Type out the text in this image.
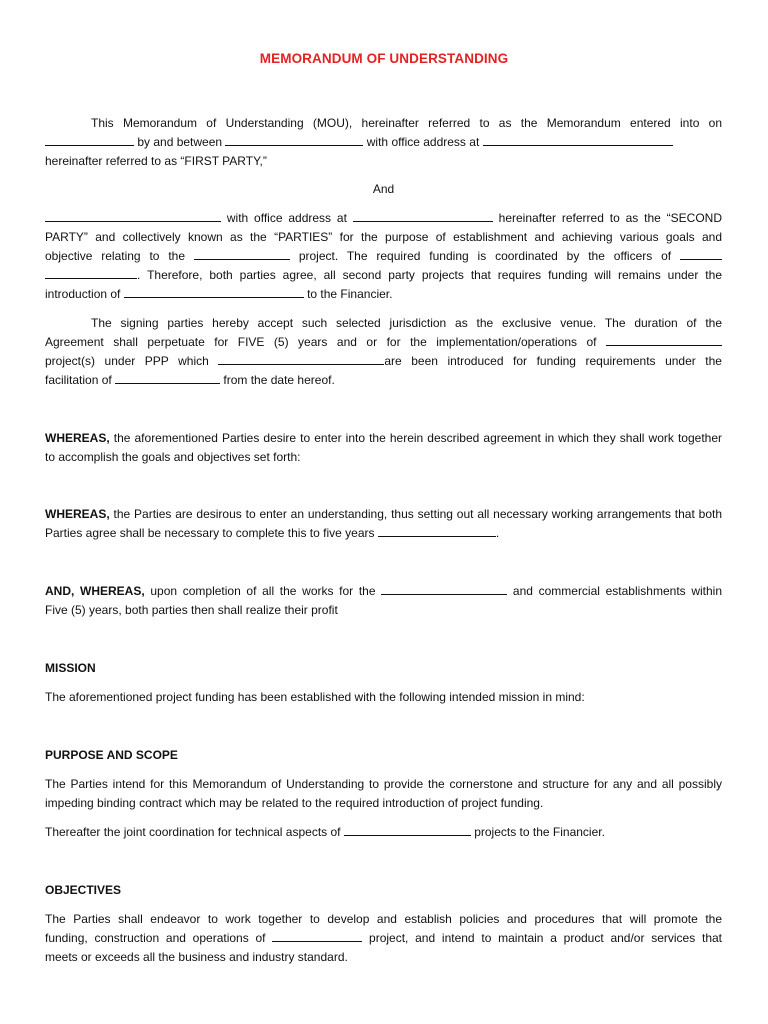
MEMORANDUM OF UNDERSTANDING
This Memorandum of Understanding (MOU), hereinafter referred to as the Memorandum entered into on
by and between	with office address at
hereinafter referred to as “FIRST PARTY,”
And
with office address at	hereinafter referred to as the “SECOND
PARTY” and collectively known as the “PARTIES” for the purpose of establishment and achieving various goals and
objective relating to the	project. The required funding is coordinated by the officers of
. Therefore, both parties agree, all second party projects that requires funding will remains under the
introduction of	to the Financier.
The signing parties hereby accept such selected jurisdiction as the exclusive venue. The duration of the
Agreement shall perpetuate for FIVE (5) years and or for the implementation/operations of
project(s) under PPP which	are been introduced for funding requirements under the
facilitation of	from the date hereof.
WHEREAS, the aforementioned Parties desire to enter into the herein described agreement in which they shall work together to accomplish the goals and objectives set forth:
WHEREAS, the Parties are desirous to enter an understanding, thus setting out all necessary working arrangements that both Parties agree shall be necessary to complete this to five years	.
AND, WHEREAS, upon completion of all the works for the	and commercial establishments within
Five (5) years, both parties then shall realize their profit
MISSION
The aforementioned project funding has been established with the following intended mission in mind:
PURPOSE AND SCOPE
The Parties intend for this Memorandum of Understanding to provide the cornerstone and structure for any and all possibly impeding binding contract which may be related to the required introduction of project funding.
Thereafter the joint coordination for technical aspects of	projects to the Financier.
OBJECTIVES
The Parties shall endeavor to work together to develop and establish policies and procedures that will promote the
funding, construction and operations of	project, and intend to maintain a product and/or services that
meets or exceeds all the business and industry standard.
